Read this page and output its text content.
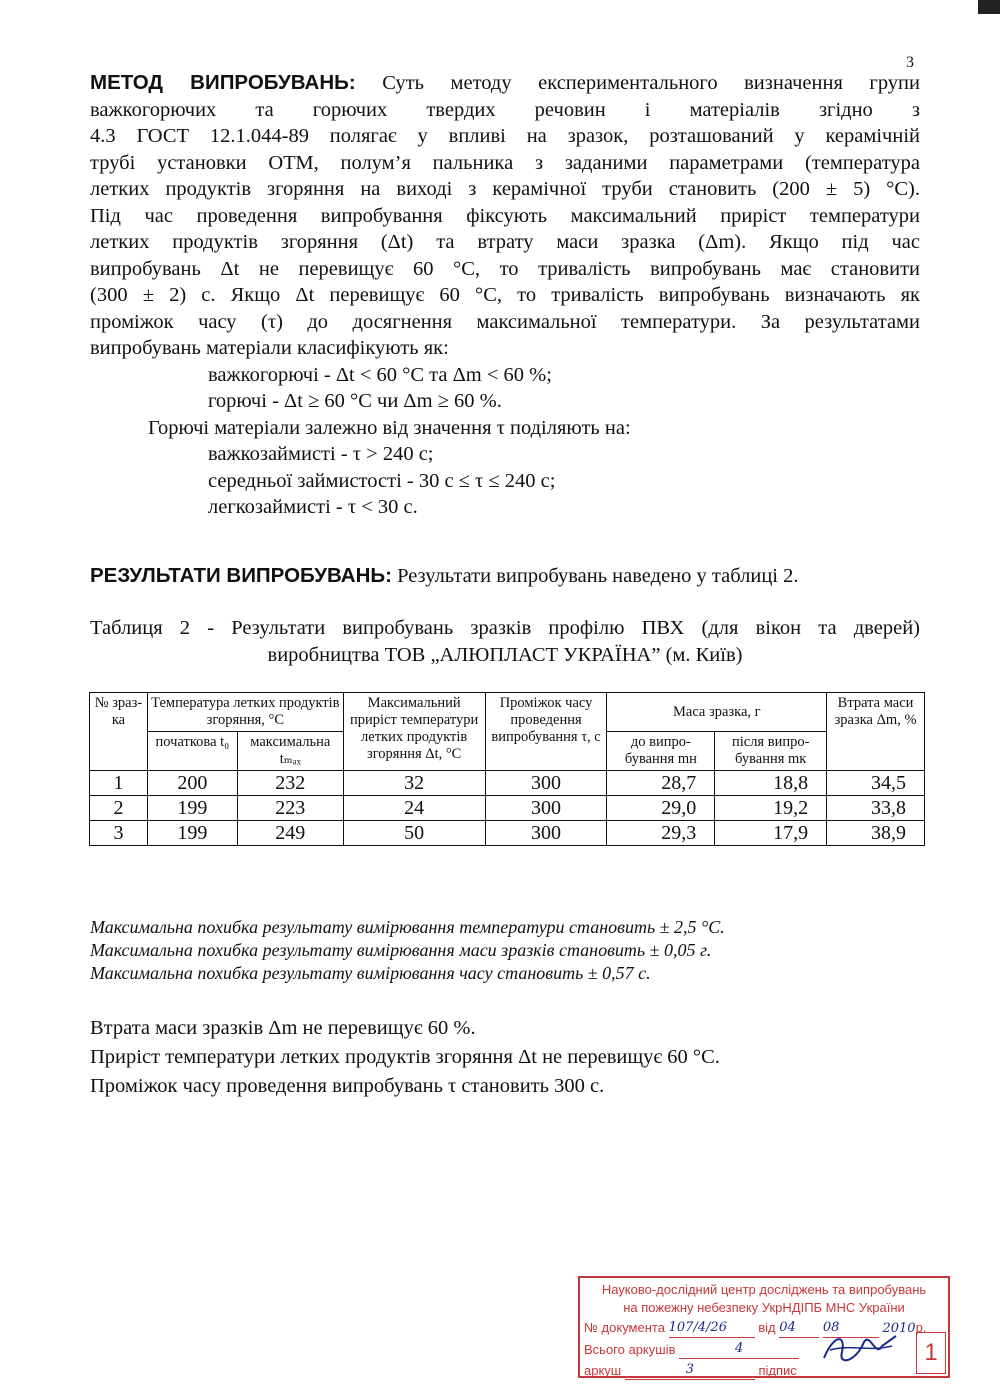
3
МЕТОД ВИПРОБУВАНЬ: Суть методу експериментального визначення групи
важкогорючих та горючих твердих речовин і матеріалів згідно з
4.3 ГОСТ 12.1.044-89 полягає у впливі на зразок, розташований у керамічній
трубі установки ОТМ, полум’я пальника з заданими параметрами (температура
летких продуктів згоряння на виході з керамічної труби становить (200 ± 5) °С).
Під час проведення випробування фіксують максимальний приріст температури
летких продуктів згоряння (Δt) та втрату маси зразка (Δm). Якщо під час
випробувань Δt не перевищує 60 °С, то тривалість випробувань має становити
(300 ± 2) с. Якщо Δt перевищує 60 °С, то тривалість випробувань визначають як
проміжок часу (τ) до досягнення максимальної температури. За результатами
випробувань матеріали класифікують як:
важкогорючі - Δt < 60 °С та Δm < 60 %;
горючі - Δt ≥ 60 °С чи Δm ≥ 60 %.
Горючі матеріали залежно від значення τ поділяють на:
важкозаймисті - τ > 240 с;
середньої займистості - 30 с ≤ τ ≤ 240 с;
легкозаймисті - τ < 30 с.
РЕЗУЛЬТАТИ ВИПРОБУВАНЬ: Результати випробувань наведено у таблиці 2.
Таблиця 2 - Результати випробувань зразків профілю ПВХ (для вікон та дверей)
виробництва ТОВ „АЛЮПЛАСТ УКРАЇНА” (м. Київ)
№ зраз-ка	Температура летких продуктів згоряння, °С		Максимальний приріст температури летких продуктів згоряння Δt, °С	Проміжок часу проведення випробування τ, с	Маса зразка, г		Втрата маси зразка Δm, %
	початкова t₀	максимальна tₘₐₓ			до випро-бування mн	після випро-бування mк	
1	200	232	32	300	28,7	18,8	34,5
2	199	223	24	300	29,0	19,2	33,8
3	199	249	50	300	29,3	17,9	38,9
Максимальна похибка результату вимірювання температури становить ± 2,5 °С.
Максимальна похибка результату вимірювання маси зразків становить ± 0,05 г.
Максимальна похибка результату вимірювання часу становить ± 0,57 с.
Втрата маси зразків Δm не перевищує 60 %.
Приріст температури летких продуктів згоряння Δt не перевищує 60 °С.
Проміжок часу проведення випробувань τ становить 300 с.
Науково-дослідний центр досліджень та випробувань
на пожежну небезпеку УкрНДІПБ МНС України
№ документа 107/4/26 від 04 08	2010р.
Всього аркушів	4
аркуш	3	підпис
1
